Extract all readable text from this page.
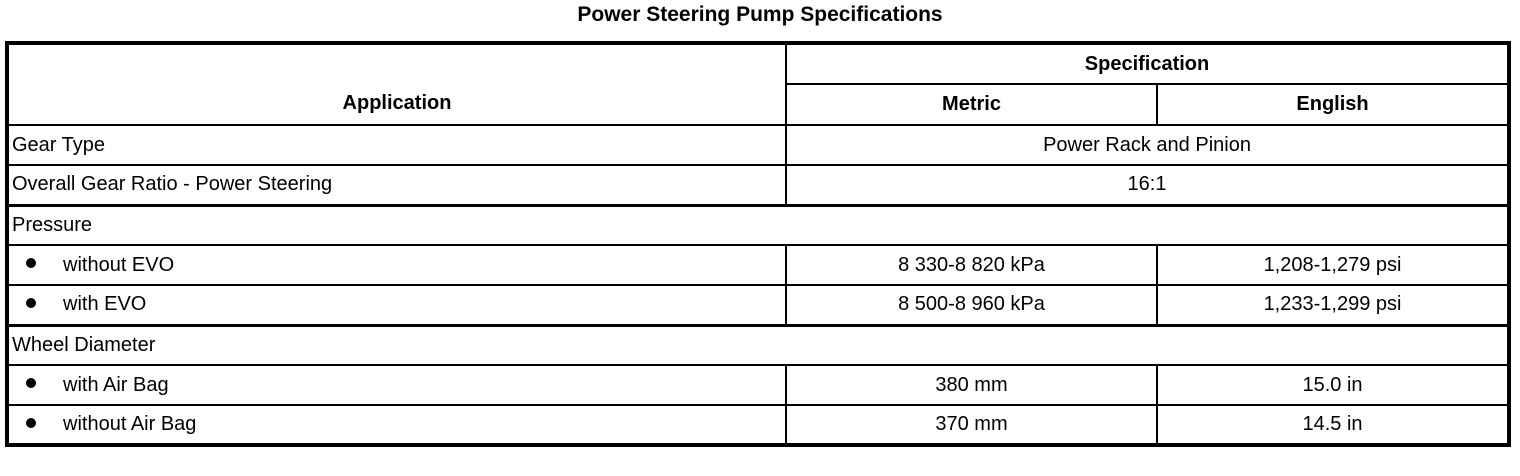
Power Steering Pump Specifications
Application	Specification	
	Metric	English
Gear Type	Power Rack and Pinion	
Overall Gear Ratio - Power Steering	16:1	
Pressure		
without EVO	8 330-8 820 kPa	1,208-1,279 psi
with EVO	8 500-8 960 kPa	1,233-1,299 psi
Wheel Diameter		
with Air Bag	380 mm	15.0 in
without Air Bag	370 mm	14.5 in
